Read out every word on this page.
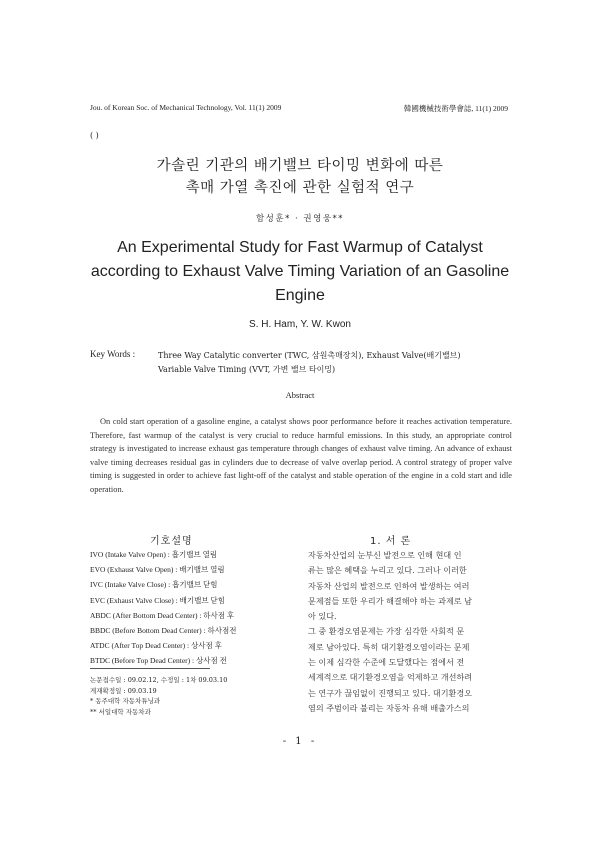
Jou. of Korean Soc. of Mechanical Technology, Vol. 11(1) 2009	韓國機械技術學會誌, 11(1) 2009
( )
가솔린 기관의 배기밸브 타이밍 변화에 따른
촉매 가열 촉진에 관한 실험적 연구
함성훈* · 권영웅**
An Experimental Study for Fast Warmup of Catalyst
according to Exhaust Valve Timing Variation of an Gasoline
Engine
S. H. Ham, Y. W. Kwon
Key Words :	Three Way Catalytic converter (TWC, 삼원촉매장치), Exhaust Valve(배기밸브)
Variable Valve Timing (VVT, 가변 밸브 타이밍)
Abstract
On cold start operation of a gasoline engine, a catalyst shows poor performance before it reaches activation temperature. Therefore, fast warmup of the catalyst is very crucial to reduce harmful emissions. In this study, an appropriate control strategy is investigated to increase exhaust gas temperature through changes of exhaust valve timing. An advance of exhaust valve timing decreases residual gas in cylinders due to decrease of valve overlap period. A control strategy of proper valve timing is suggested in order to achieve fast light-off of the catalyst and stable operation of the engine in a cold start and idle operation.
기호설명
IVO (Intake Valve Open) : 흡기밸브 열림
EVO (Exhaust Valve Open) : 배기밸브 열림
IVC (Intake Valve Close) : 흡기밸브 닫힘
EVC (Exhaust Valve Close) : 배기밸브 닫힘
ABDC (After Bottom Dead Center) : 하사점 후
BBDC (Before Bottom Dead Center) : 하사점전
ATDC (After Top Dead Center) : 상사점 후
BTDC (Before Top Dead Center) : 상사점 전
논문접수일 : 09.02.12, 수정일 : 1차 09.03.10
게재확정일 : 09.03.19
* 동주대학 자동차튜닝과
** 서일대학 자동차과
1. 서 론
자동차산업의 눈부신 발전으로 인해 현대 인
류는 많은 혜택을 누리고 있다. 그러나 이러한
자동차 산업의 발전으로 인하여 발생하는 여러
문제점들 또한 우리가 해결해야 하는 과제로 남
아 있다.
그 중 환경오염문제는 가장 심각한 사회적 문
제로 남아있다. 특히 대기환경오염이라는 문제
는 이제 심각한 수준에 도달했다는 점에서 전
세계적으로 대기환경오염을 억제하고 개선하려
는 연구가 끊임없이 진행되고 있다. 대기환경오
염의 주범이라 불리는 자동차 유해 배출가스의
- 1 -
